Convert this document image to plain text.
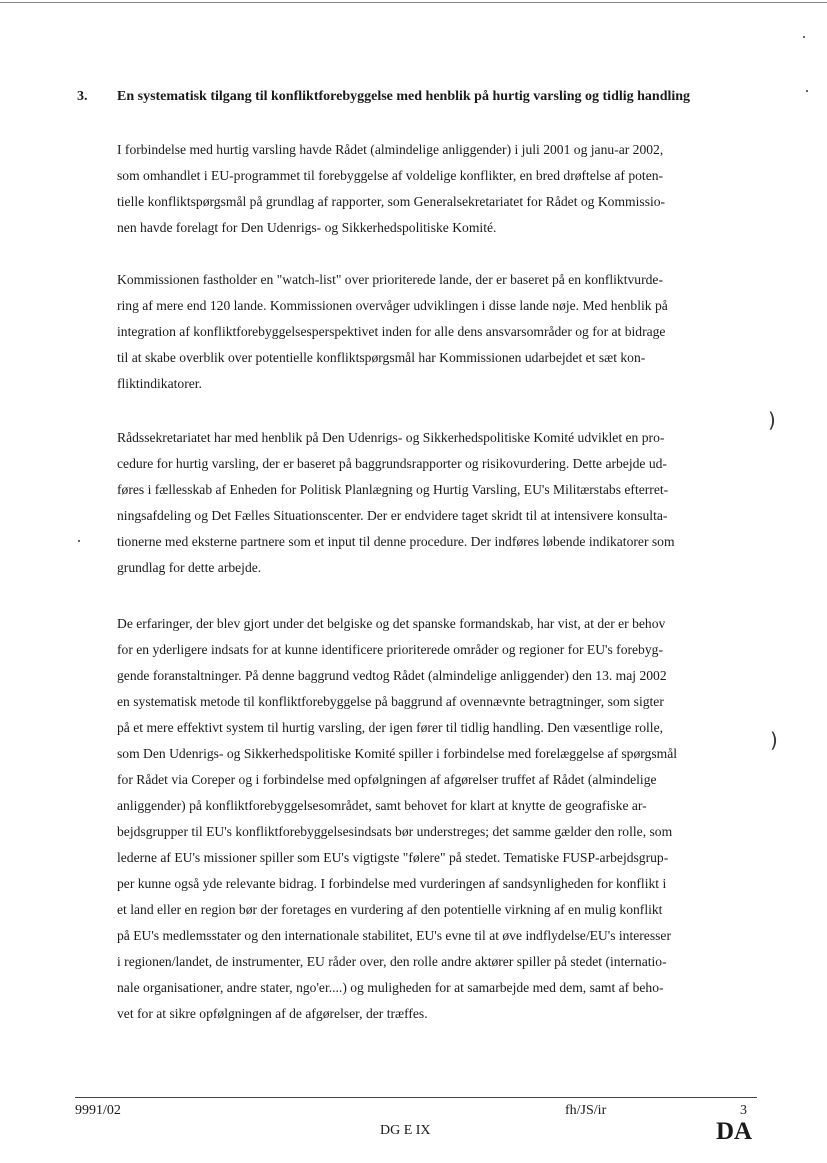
)
)
3. En systematisk tilgang til konfliktforebyggelse med henblik på hurtig varsling og tidlig handling
I forbindelse med hurtig varsling havde Rådet (almindelige anliggender) i juli 2001 og janu-ar 2002,
som omhandlet i EU-programmet til forebyggelse af voldelige konflikter, en bred drøftelse af poten-
tielle konfliktspørgsmål på grundlag af rapporter, som Generalsekretariatet for Rådet og Kommissio-
nen havde forelagt for Den Udenrigs- og Sikkerhedspolitiske Komité.
Kommissionen fastholder en "watch-list" over prioriterede lande, der er baseret på en konfliktvurde-
ring af mere end 120 lande. Kommissionen overvåger udviklingen i disse lande nøje. Med henblik på
integration af konfliktforebyggelsesperspektivet inden for alle dens ansvarsområder og for at bidrage
til at skabe overblik over potentielle konfliktspørgsmål har Kommissionen udarbejdet et sæt kon-
fliktindikatorer.
Rådssekretariatet har med henblik på Den Udenrigs- og Sikkerhedspolitiske Komité udviklet en pro-
cedure for hurtig varsling, der er baseret på baggrundsrapporter og risikovurdering. Dette arbejde ud-
føres i fællesskab af Enheden for Politisk Planlægning og Hurtig Varsling, EU's Militærstabs efterret-
ningsafdeling og Det Fælles Situationscenter. Der er endvidere taget skridt til at intensivere konsulta-
tionerne med eksterne partnere som et input til denne procedure. Der indføres løbende indikatorer som
grundlag for dette arbejde.
De erfaringer, der blev gjort under det belgiske og det spanske formandskab, har vist, at der er behov
for en yderligere indsats for at kunne identificere prioriterede områder og regioner for EU's forebyg-
gende foranstaltninger. På denne baggrund vedtog Rådet (almindelige anliggender) den 13. maj 2002
en systematisk metode til konfliktforebyggelse på baggrund af ovennævnte betragtninger, som sigter
på et mere effektivt system til hurtig varsling, der igen fører til tidlig handling. Den væsentlige rolle,
som Den Udenrigs- og Sikkerhedspolitiske Komité spiller i forbindelse med forelæggelse af spørgsmål
for Rådet via Coreper og i forbindelse med opfølgningen af afgørelser truffet af Rådet (almindelige
anliggender) på konfliktforebyggelsesområdet, samt behovet for klart at knytte de geografiske ar-
bejdsgrupper til EU's konfliktforebyggelsesindsats bør understreges; det samme gælder den rolle, som
lederne af EU's missioner spiller som EU's vigtigste "følere" på stedet. Tematiske FUSP-arbejdsgrup-
per kunne også yde relevante bidrag. I forbindelse med vurderingen af sandsynligheden for konflikt i
et land eller en region bør der foretages en vurdering af den potentielle virkning af en mulig konflikt
på EU's medlemsstater og den internationale stabilitet, EU's evne til at øve indflydelse/EU's interesser
i regionen/landet, de instrumenter, EU råder over, den rolle andre aktører spiller på stedet (internatio-
nale organisationer, andre stater, ngo'er....) og muligheden for at samarbejde med dem, samt af beho-
vet for at sikre opfølgningen af de afgørelser, der træffes.
9991/02	fh/JS/ir	3
DG E IX	DA
